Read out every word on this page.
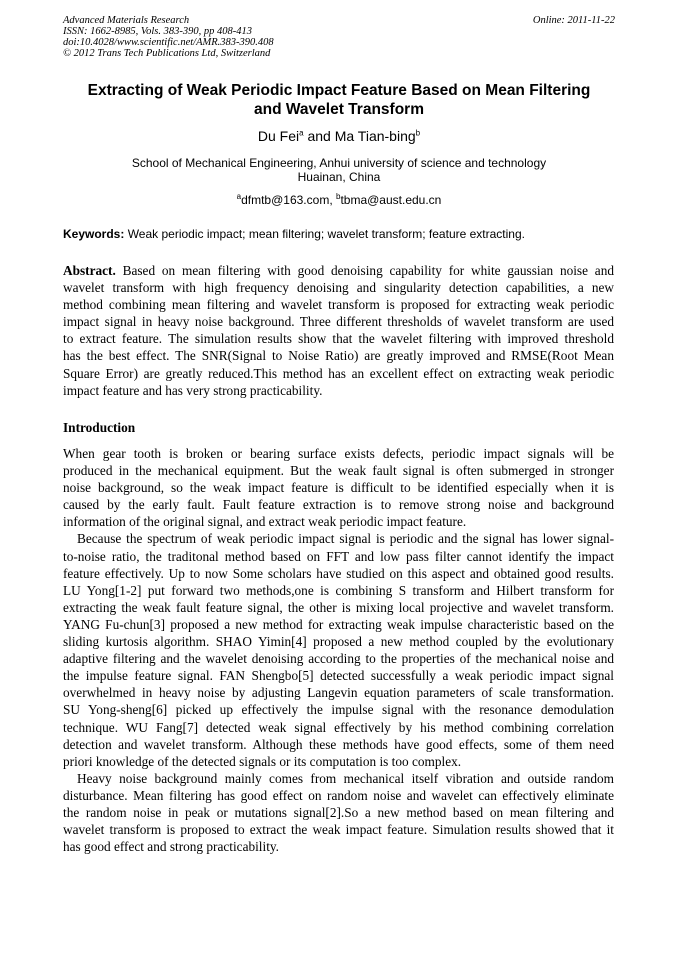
Advanced Materials Research
ISSN: 1662-8985, Vols. 383-390, pp 408-413
doi:10.4028/www.scientific.net/AMR.383-390.408
© 2012 Trans Tech Publications Ltd, Switzerland
Online: 2011-11-22
Extracting of Weak Periodic Impact Feature Based on Mean Filtering
and Wavelet Transform
Du Fei$^a$ and Ma Tian-bing$^b$
School of Mechanical Engineering, Anhui university of science and technology
Huainan, China
$^a$dfmtb@163.com, $^b$tbma@aust.edu.cn
Keywords: Weak periodic impact; mean filtering; wavelet transform; feature extracting.
Abstract. Based on mean filtering with good denoising capability for white gaussian noise and
wavelet transform with high frequency denoising and singularity detection capabilities, a new
method combining mean filtering and wavelet transform is proposed for extracting weak periodic
impact signal in heavy noise background. Three different thresholds of wavelet transform are used
to extract feature. The simulation results show that the wavelet filtering with improved threshold
has the best effect. The SNR(Signal to Noise Ratio) are greatly improved and RMSE(Root Mean
Square Error) are greatly reduced.This method has an excellent effect on extracting weak periodic
impact feature and has very strong practicability.
Introduction
When gear tooth is broken or bearing surface exists defects, periodic impact signals will be
produced in the mechanical equipment. But the weak fault signal is often submerged in stronger
noise background, so the weak impact feature is difficult to be identified especially when it is
caused by the early fault. Fault feature extraction is to remove strong noise and background
information of the original signal, and extract weak periodic impact feature.
Because the spectrum of weak periodic impact signal is periodic and the signal has lower signal-
to-noise ratio, the traditonal method based on FFT and low pass filter cannot identify the impact
feature effectively. Up to now Some scholars have studied on this aspect and obtained good results.
LU Yong[1-2] put forward two methods,one is combining S transform and Hilbert transform for
extracting the weak fault feature signal, the other is mixing local projective and wavelet transform.
YANG Fu-chun[3] proposed a new method for extracting weak impulse characteristic based on the
sliding kurtosis algorithm. SHAO Yimin[4] proposed a new method coupled by the evolutionary
adaptive filtering and the wavelet denoising according to the properties of the mechanical noise and
the impulse feature signal. FAN Shengbo[5] detected successfully a weak periodic impact signal
overwhelmed in heavy noise by adjusting Langevin equation parameters of scale transformation.
SU Yong-sheng[6] picked up effectively the impulse signal with the resonance demodulation
technique. WU Fang[7] detected weak signal effectively by his method combining correlation
detection and wavelet transform. Although these methods have good effects, some of them need
priori knowledge of the detected signals or its computation is too complex.
Heavy noise background mainly comes from mechanical itself vibration and outside random
disturbance. Mean filtering has good effect on random noise and wavelet can effectively eliminate
the random noise in peak or mutations signal[2].So a new method based on mean filtering and
wavelet transform is proposed to extract the weak impact feature. Simulation results showed that it
has good effect and strong practicability.
